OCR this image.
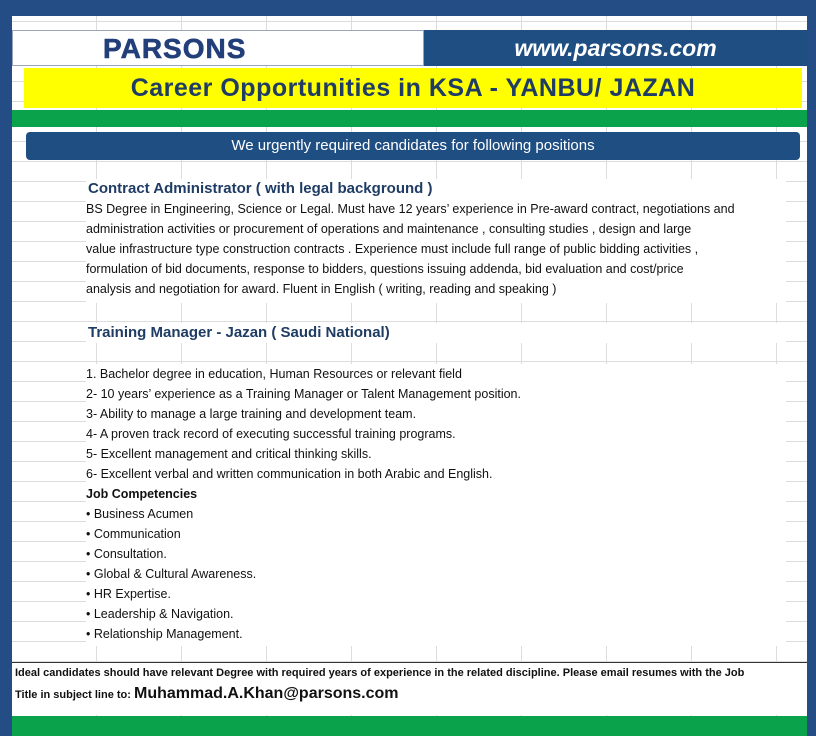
PARSONS	www.parsons.com
Career Opportunities in KSA - YANBU/ JAZAN
We urgently required candidates for following positions
Contract Administrator ( with legal background )
BS Degree in Engineering, Science or Legal. Must have 12 years’ experience in Pre-award contract, negotiations and
administration activities or procurement of operations and maintenance , consulting studies , design and large
value infrastructure type construction contracts . Experience must include full range of public bidding activities ,
formulation of bid documents, response to bidders, questions issuing addenda, bid evaluation and cost/price
analysis and negotiation for award. Fluent in English ( writing, reading and speaking )
Training Manager - Jazan ( Saudi National)
1. Bachelor degree in education, Human Resources or relevant field
2- 10 years’ experience as a Training Manager or Talent Management position.
3- Ability to manage a large training and development team.
4- A proven track record of executing successful training programs.
5- Excellent management and critical thinking skills.
6- Excellent verbal and written communication in both Arabic and English.
Job Competencies
• Business Acumen
• Communication
• Consultation.
• Global & Cultural Awareness.
• HR Expertise.
• Leadership & Navigation.
• Relationship Management.
Ideal candidates should have relevant Degree with required years of experience in the related discipline. Please email resumes with the Job
Title in subject line to: Muhammad.A.Khan@parsons.com
